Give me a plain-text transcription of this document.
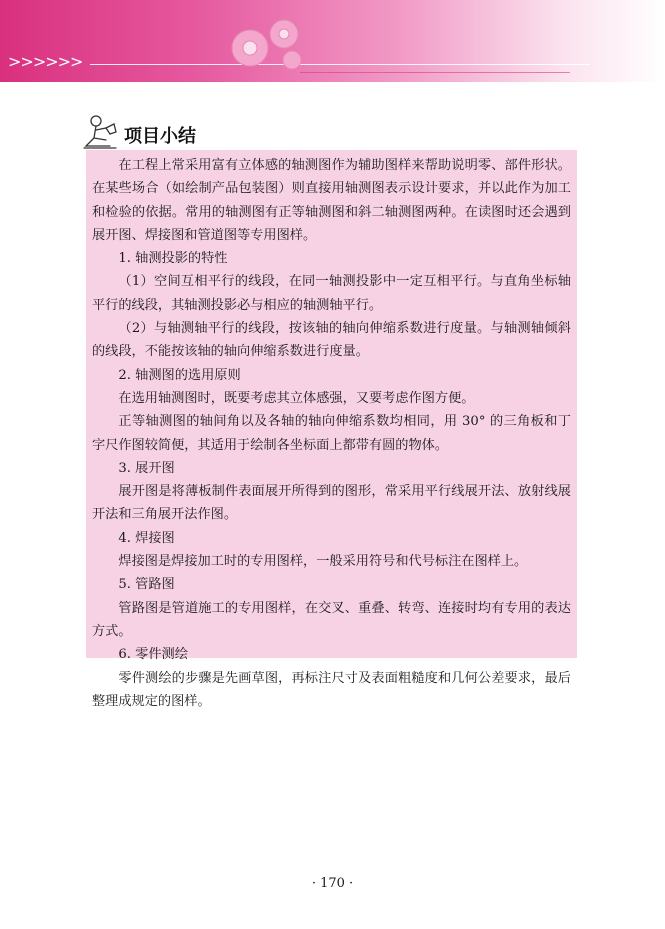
>>>>>>
项目小结

在工程上常采用富有立体感的轴测图作为辅助图样来帮助说明零、部件形状。在某些场合（如绘制产品包装图）则直接用轴测图表示设计要求，并以此作为加工和检验的依据。常用的轴测图有正等轴测图和斜二轴测图两种。在读图时还会遇到展开图、焊接图和管道图等专用图样。

1. 轴测投影的特性

（1）空间互相平行的线段，在同一轴测投影中一定互相平行。与直角坐标轴平行的线段，其轴测投影必与相应的轴测轴平行。

（2）与轴测轴平行的线段，按该轴的轴向伸缩系数进行度量。与轴测轴倾斜的线段，不能按该轴的轴向伸缩系数进行度量。

2. 轴测图的选用原则

在选用轴测图时，既要考虑其立体感强，又要考虑作图方便。

正等轴测图的轴间角以及各轴的轴向伸缩系数均相同，用 30° 的三角板和丁字尺作图较简便，其适用于绘制各坐标面上都带有圆的物体。

3. 展开图

展开图是将薄板制件表面展开所得到的图形，常采用平行线展开法、放射线展开法和三角展开法作图。

4. 焊接图

焊接图是焊接加工时的专用图样，一般采用符号和代号标注在图样上。

5. 管路图

管路图是管道施工的专用图样，在交叉、重叠、转弯、连接时均有专用的表达方式。

6. 零件测绘

零件测绘的步骤是先画草图，再标注尺寸及表面粗糙度和几何公差要求，最后整理成规定的图样。

· 170 ·
